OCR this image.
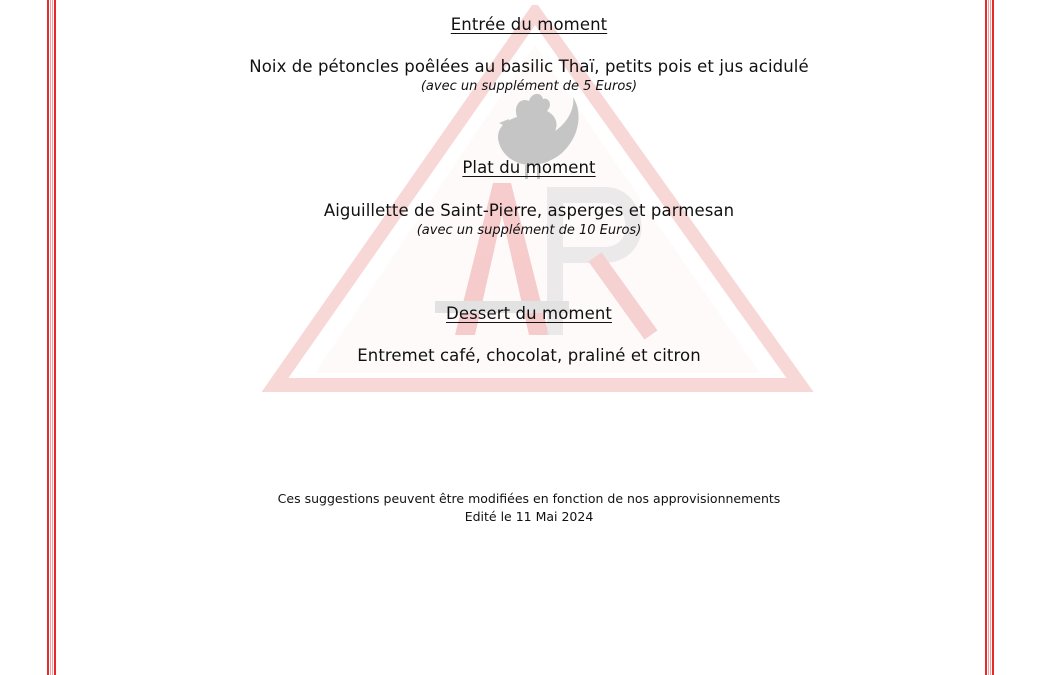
Entrée du moment
Noix de pétoncles poêlées au basilic Thaï, petits pois et jus acidulé
(avec un supplément de 5 Euros)
Plat du moment
Aiguillette de Saint-Pierre, asperges et parmesan
(avec un supplément de 10 Euros)
Dessert du moment
Entremet café, chocolat, praliné et citron
Ces suggestions peuvent être modifiées en fonction de nos approvisionnements
Edité le 11 Mai 2024
